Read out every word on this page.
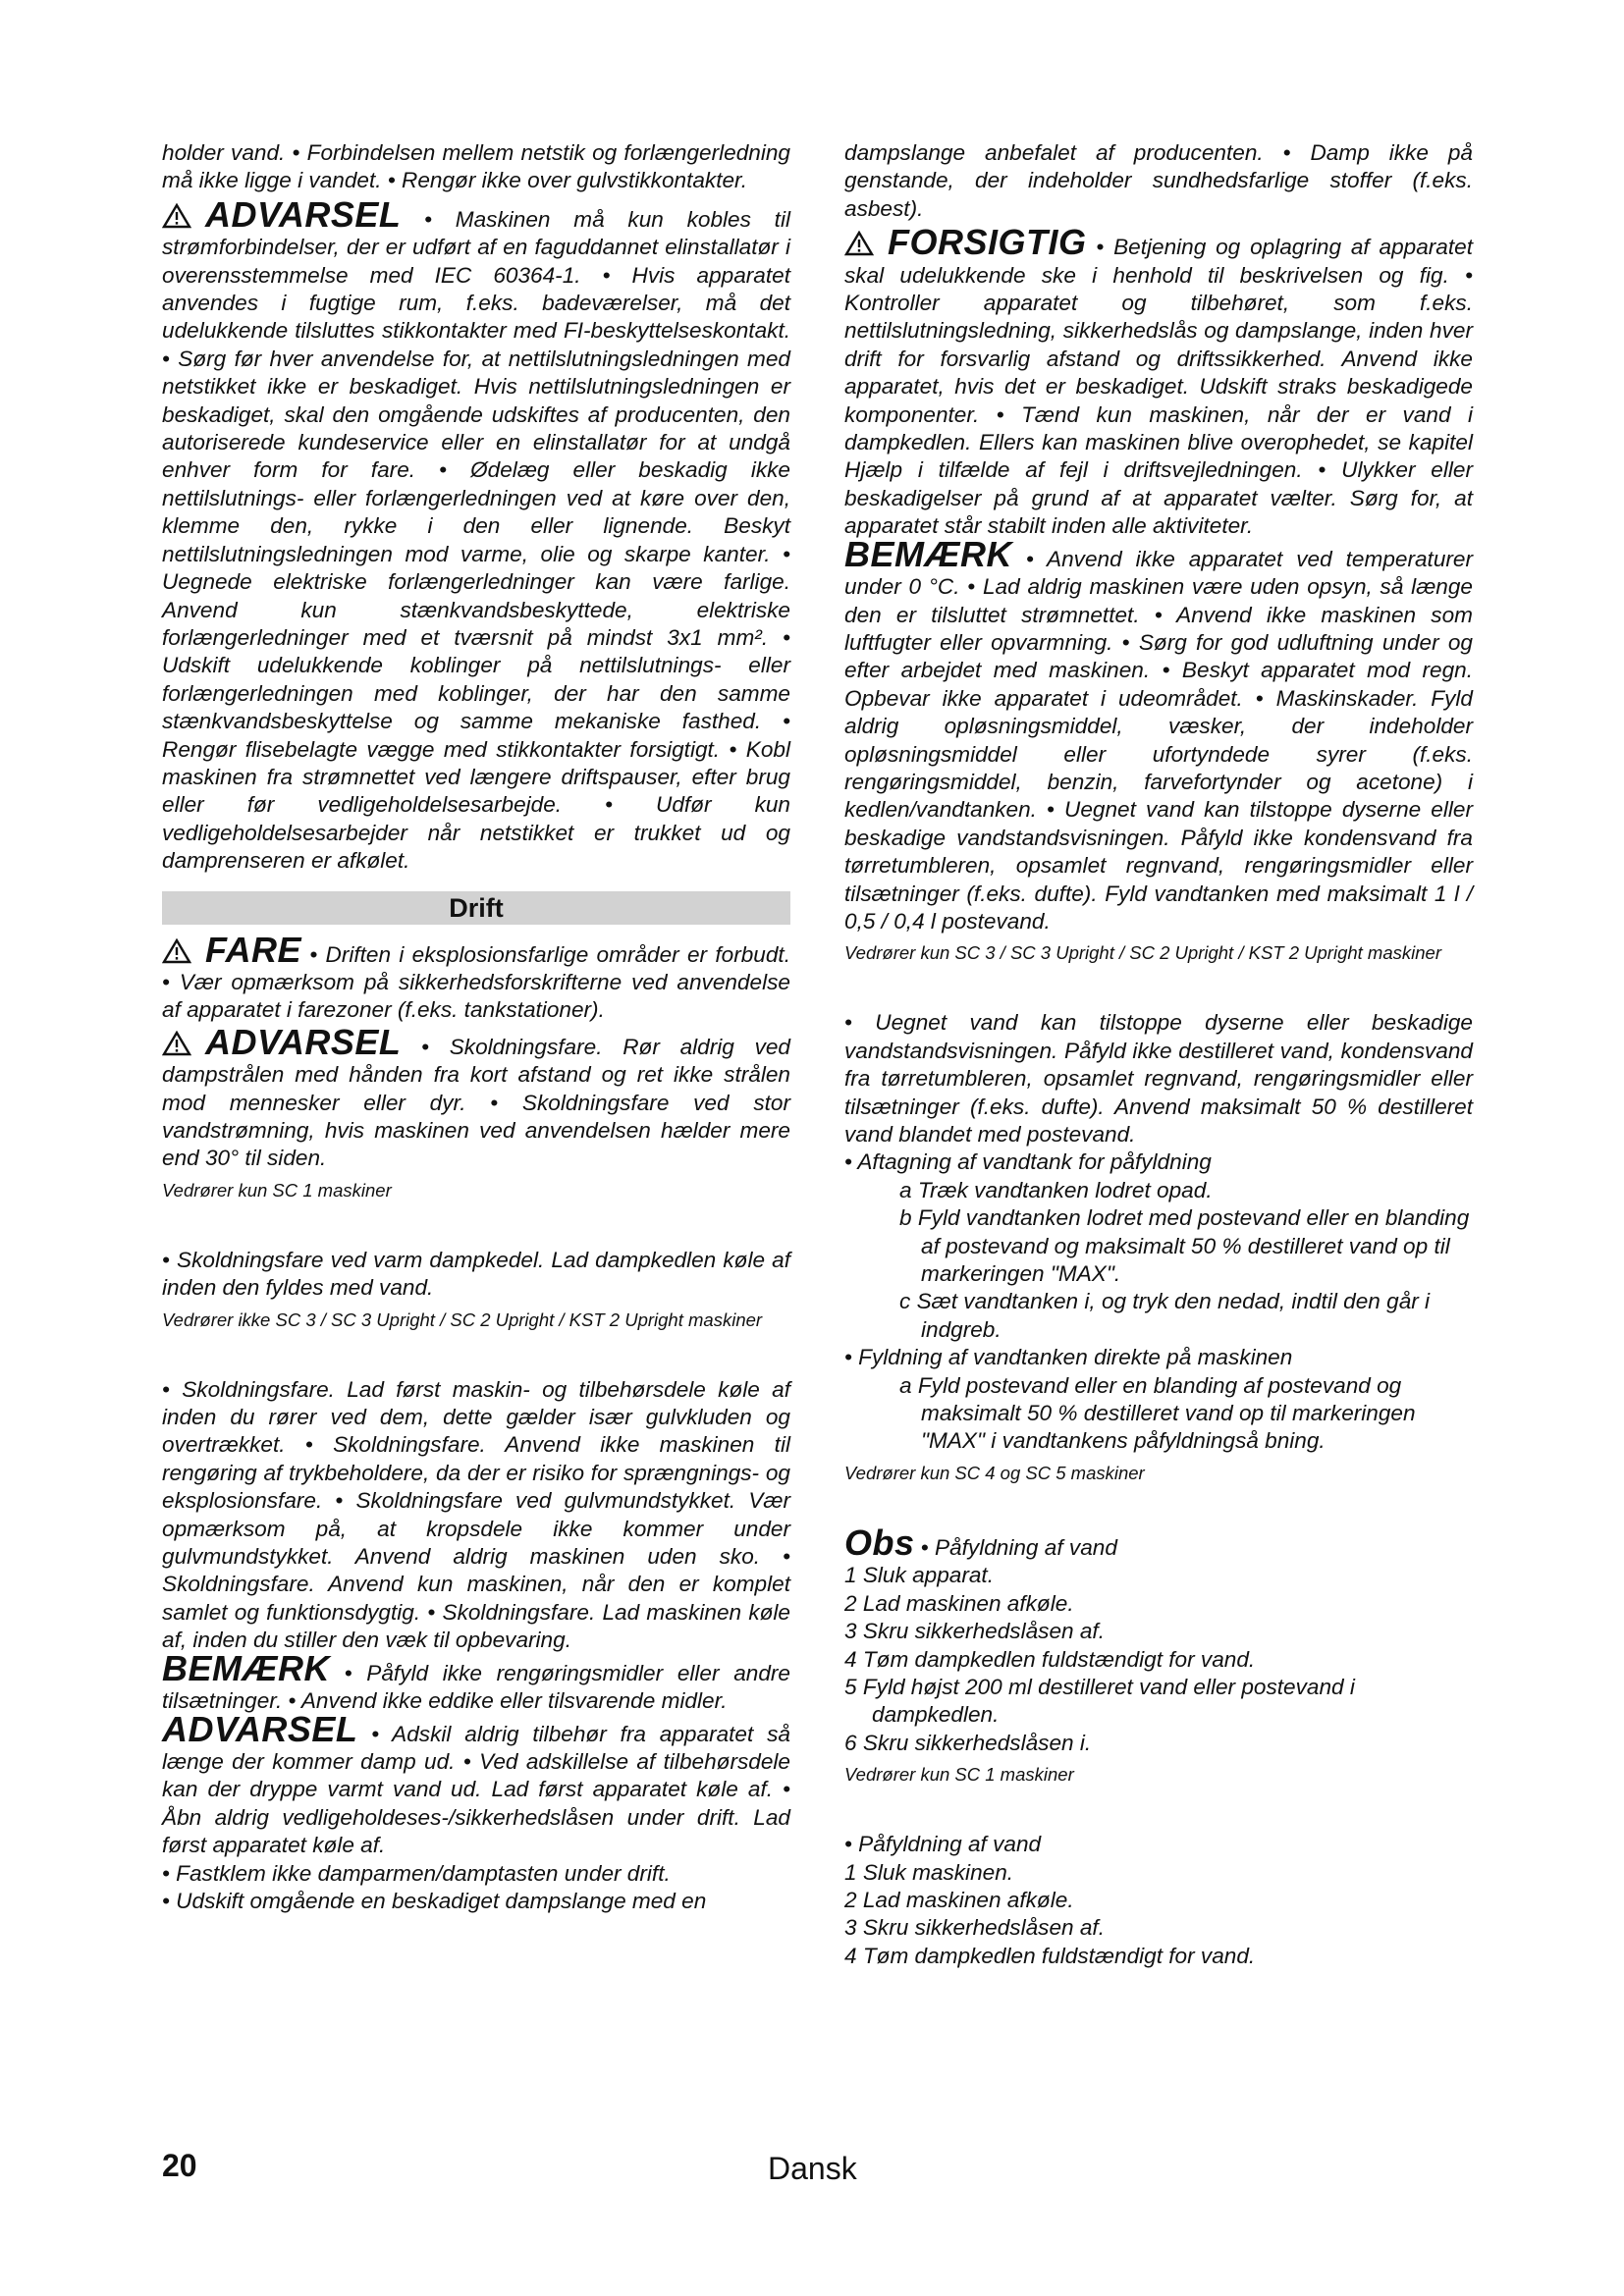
holder vand. • Forbindelsen mellem netstik og forlængerledning må ikke ligge i vandet. • Rengør ikke over gulvstikkontakter.

ADVARSEL • Maskinen må kun kobles til strømforbindelser, der er udført af en faguddannet elinstallatør i overensstemmelse med IEC 60364-1. • Hvis apparatet anvendes i fugtige rum, f.eks. badeværelser, må det udelukkende tilsluttes stikkontakter med FI-beskyttelseskontakt. • Sørg før hver anvendelse for, at nettilslutningsledningen med netstikket ikke er beskadiget. Hvis nettilslutningsledningen er beskadiget, skal den omgående udskiftes af producenten, den autoriserede kundeservice eller en elinstallatør for at undgå enhver form for fare. • Ødelæg eller beskadig ikke nettilslutnings- eller forlængerledningen ved at køre over den, klemme den, rykke i den eller lignende. Beskyt nettilslutningsledningen mod varme, olie og skarpe kanter. • Uegnede elektriske forlængerledninger kan være farlige. Anvend kun stænkvandsbeskyttede, elektriske forlængerledninger med et tværsnit på mindst 3x1 mm². • Udskift udelukkende koblinger på nettilslutnings- eller forlængerledningen med koblinger, der har den samme stænkvandsbeskyttelse og samme mekaniske fasthed. • Rengør flisebelagte vægge med stikkontakter forsigtigt. • Kobl maskinen fra strømnettet ved længere driftspauser, efter brug eller før vedligeholdelsesarbejde. • Udfør kun vedligeholdelsesarbejder når netstikket er trukket ud og damprenseren er afkølet.

Drift

FARE • Driften i eksplosionsfarlige områder er forbudt. • Vær opmærksom på sikkerhedsforskrifterne ved anvendelse af apparatet i farezoner (f.eks. tankstationer).

ADVARSEL • Skoldningsfare. Rør aldrig ved dampstrålen med hånden fra kort afstand og ret ikke strålen mod mennesker eller dyr. • Skoldningsfare ved stor vandstrømning, hvis maskinen ved anvendelsen hælder mere end 30° til siden.

Vedrører kun SC 1 maskiner

• Skoldningsfare ved varm dampkedel. Lad dampkedlen køle af inden den fyldes med vand.

Vedrører ikke SC 3 / SC 3 Upright / SC 2 Upright / KST 2 Upright maskiner

• Skoldningsfare. Lad først maskin- og tilbehørsdele køle af inden du rører ved dem, dette gælder især gulvkluden og overtrækket. • Skoldningsfare. Anvend ikke maskinen til rengøring af trykbeholdere, da der er risiko for sprængnings- og eksplosionsfare. • Skoldningsfare ved gulvmundstykket. Vær opmærksom på, at kropsdele ikke kommer under gulvmundstykket. Anvend aldrig maskinen uden sko. • Skoldningsfare. Anvend kun maskinen, når den er komplet samlet og funktionsdygtig. • Skoldningsfare. Lad maskinen køle af, inden du stiller den væk til opbevaring.

BEMÆRK • Påfyld ikke rengøringsmidler eller andre tilsætninger. • Anvend ikke eddike eller tilsvarende midler.

ADVARSEL • Adskil aldrig tilbehør fra apparatet så længe der kommer damp ud. • Ved adskillelse af tilbehørsdele kan der dryppe varmt vand ud. Lad først apparatet køle af. • Åbn aldrig vedligeholdeses-/sikkerhedslåsen under drift. Lad først apparatet køle af.

• Fastklem ikke damparmen/damptasten under drift.

• Udskift omgående en beskadiget dampslange med en

dampslange anbefalet af producenten. • Damp ikke på genstande, der indeholder sundhedsfarlige stoffer (f.eks. asbest).

FORSIGTIG • Betjening og oplagring af apparatet skal udelukkende ske i henhold til beskrivelsen og fig. • Kontroller apparatet og tilbehøret, som f.eks. nettilslutningsledning, sikkerhedslås og dampslange, inden hver drift for forsvarlig afstand og driftssikkerhed. Anvend ikke apparatet, hvis det er beskadiget. Udskift straks beskadigede komponenter. • Tænd kun maskinen, når der er vand i dampkedlen. Ellers kan maskinen blive overophedet, se kapitel Hjælp i tilfælde af fejl i driftsvejledningen. • Ulykker eller beskadigelser på grund af at apparatet vælter. Sørg for, at apparatet står stabilt inden alle aktiviteter.

BEMÆRK • Anvend ikke apparatet ved temperaturer under 0 °C. • Lad aldrig maskinen være uden opsyn, så længe den er tilsluttet strømnettet. • Anvend ikke maskinen som luftfugter eller opvarmning. • Sørg for god udluftning under og efter arbejdet med maskinen. • Beskyt apparatet mod regn. Opbevar ikke apparatet i udeområdet. • Maskinskader. Fyld aldrig opløsningsmiddel, væsker, der indeholder opløsningsmiddel eller ufortyndede syrer (f.eks. rengøringsmiddel, benzin, farvefortynder og acetone) i kedlen/vandtanken. • Uegnet vand kan tilstoppe dyserne eller beskadige vandstandsvisningen. Påfyld ikke kondensvand fra tørretumbleren, opsamlet regnvand, rengøringsmidler eller tilsætninger (f.eks. dufte). Fyld vandtanken med maksimalt 1 l / 0,5 / 0,4 l postevand.

Vedrører kun SC 3 / SC 3 Upright / SC 2 Upright / KST 2 Upright maskiner

• Uegnet vand kan tilstoppe dyserne eller beskadige vandstandsvisningen. Påfyld ikke destilleret vand, kondensvand fra tørretumbleren, opsamlet regnvand, rengøringsmidler eller tilsætninger (f.eks. dufte). Anvend maksimalt 50 % destilleret vand blandet med postevand.

• Aftagning af vandtank for påfyldning

a Træk vandtanken lodret opad.

b Fyld vandtanken lodret med postevand eller en blanding af postevand og maksimalt 50 % destilleret vand op til markeringen "MAX".

c Sæt vandtanken i, og tryk den nedad, indtil den går i indgreb.

• Fyldning af vandtanken direkte på maskinen

a Fyld postevand eller en blanding af postevand og maksimalt 50 % destilleret vand op til markeringen "MAX" i vandtankens påfyldningså bning.

Vedrører kun SC 4 og SC 5 maskiner

Obs • Påfyldning af vand

1 Sluk apparat.

2 Lad maskinen afkøle.

3 Skru sikkerhedslåsen af.

4 Tøm dampkedlen fuldstændigt for vand.

5 Fyld højst 200 ml destilleret vand eller postevand i dampkedlen.

6 Skru sikkerhedslåsen i.

Vedrører kun SC 1 maskiner

• Påfyldning af vand

1 Sluk maskinen.

2 Lad maskinen afkøle.

3 Skru sikkerhedslåsen af.

4 Tøm dampkedlen fuldstændigt for vand.

20	Dansk
